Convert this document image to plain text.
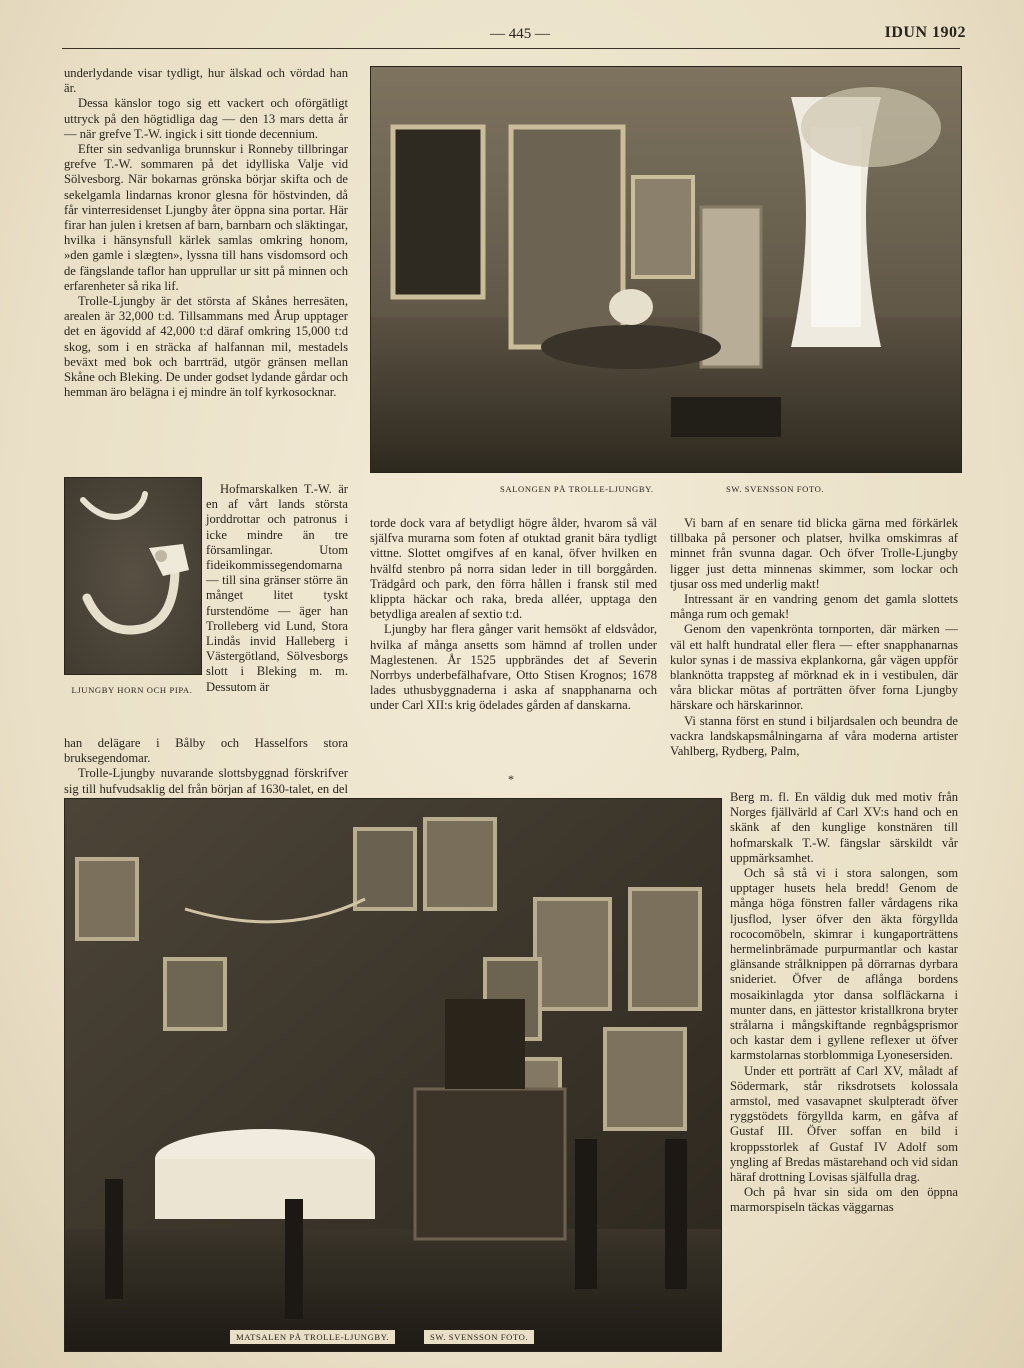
— 445 —	IDUN 1902

underlydande visar tydligt, hur älskad och vördad han är.

Dessa känslor togo sig ett vackert och oförgätligt uttryck på den högtidliga dag — den 13 mars detta år — när grefve T.-W. ingick i sitt tionde decennium.

Efter sin sedvanliga brunnskur i Ronneby tillbringar grefve T.-W. sommaren på det idylliska Valje vid Sölvesborg. När bokarnas grönska börjar skifta och de sekelgamla lindarnas kronor glesna för höstvinden, då får vinterresidenset Ljungby åter öppna sina portar. Här firar han julen i kretsen af barn, barnbarn och släktingar, hvilka i hänsynsfull kärlek samlas omkring honom, »den gamle i slægten», lyssna till hans visdomsord och de fängslande taflor han upprullar ur sitt på minnen och erfarenheter så rika lif.

Trolle-Ljungby är det största af Skånes herresäten, arealen är 32,000 t:d. Tillsammans med Årup upptager det en ägovidd af 42,000 t:d däraf omkring 15,000 t:d skog, som i en sträcka af halfannan mil, mestadels beväxt med bok och barrträd, utgör gränsen mellan Skåne och Bleking. De under godset lydande gårdar och hemman äro belägna i ej mindre än tolf kyrkosocknar.

LJUNGBY HORN OCH PIPA.

Hofmarskalken T.-W. är en af vårt lands största jorddrottar och patronus i icke mindre än tre församlingar. Utom fideikommissegendomarna — till sina gränser större än månget litet tyskt furstendöme — äger han Trolleberg vid Lund, Stora Lindås invid Halleberg i Västergötland, Sölvesborgs slott i Bleking m. m. Dessutom är

han delägare i Bålby och Hasselfors stora bruksegendomar.

Trolle-Ljungby nuvarande slottsbyggnad förskrifver sig till hufvudsaklig del från början af 1630-talet, en del

SALONGEN PÅ TROLLE-LJUNGBY.	SW. SVENSSON FOTO.

torde dock vara af betydligt högre ålder, hvarom så väl själfva murarna som foten af otuktad granit bära tydligt vittne. Slottet omgifves af en kanal, öfver hvilken en hvälfd stenbro på norra sidan leder in till borggården. Trädgård och park, den förra hållen i fransk stil med klippta häckar och raka, breda alléer, upptaga den betydliga arealen af sextio t:d.

Ljungby har flera gånger varit hemsökt af eldsvådor, hvilka af många ansetts som hämnd af trollen under Maglestenen. År 1525 uppbrändes det af Severin Norrbys underbefälhafvare, Otto Stisen Krognos; 1678 lades uthusbyggnaderna i aska af snapphanarna och under Carl XII:s krig ödelades gården af danskarna.

*

Vi barn af en senare tid blicka gärna med förkärlek tillbaka på personer och platser, hvilka omskimras af minnet från svunna dagar. Och öfver Trolle-Ljungby ligger just detta minnenas skimmer, som lockar och tjusar oss med underlig makt!

Intressant är en vandring genom det gamla slottets många rum och gemak!

Genom den vapenkrönta tornporten, där märken — väl ett halft hundratal eller flera — efter snapphanarnas kulor synas i de massiva ekplankorna, går vägen uppför blanknötta trappsteg af mörknad ek in i vestibulen, där våra blickar mötas af porträtten öfver forna Ljungby härskare och härskarinnor.

Vi stanna först en stund i biljardsalen och beundra de vackra landskapsmålningarna af våra moderna artister Vahlberg, Rydberg, Palm,

Berg m. fl. En väldig duk med motiv från Norges fjällvärld af Carl XV:s hand och en skänk af den kunglige konstnären till hofmarskalk T.-W. fängslar särskildt vår uppmärksamhet.

Och så stå vi i stora salongen, som upptager husets hela bredd! Genom de många höga fönstren faller vårdagens rika ljusflod, lyser öfver den äkta förgyllda rococomöbeln, skimrar i kungaporträttens hermelinbrämade purpurmantlar och kastar glänsande strålknippen på dörrarnas dyrbara snideriet. Öfver de aflånga bordens mosaikinlagda ytor dansa solfläckarna i munter dans, en jättestor kristallkrona bryter strålarna i mångskiftande regnbågsprismor och kastar dem i gyllene reflexer ut öfver karmstolarnas storblommiga Lyonesersiden.

Under ett porträtt af Carl XV, måladt af Södermark, står riksdrotsets kolossala armstol, med vasavapnet skulpteradt öfver ryggstödets förgyllda karm, en gåfva af Gustaf III. Öfver soffan en bild i kroppsstorlek af Gustaf IV Adolf som yngling af Bredas mästarehand och vid sidan häraf drottning Lovisas själfulla drag.

Och på hvar sin sida om den öppna marmorspiseln täckas väggarnas

MATSALEN PÅ TROLLE-LJUNGBY.	SW. SVENSSON FOTO.
